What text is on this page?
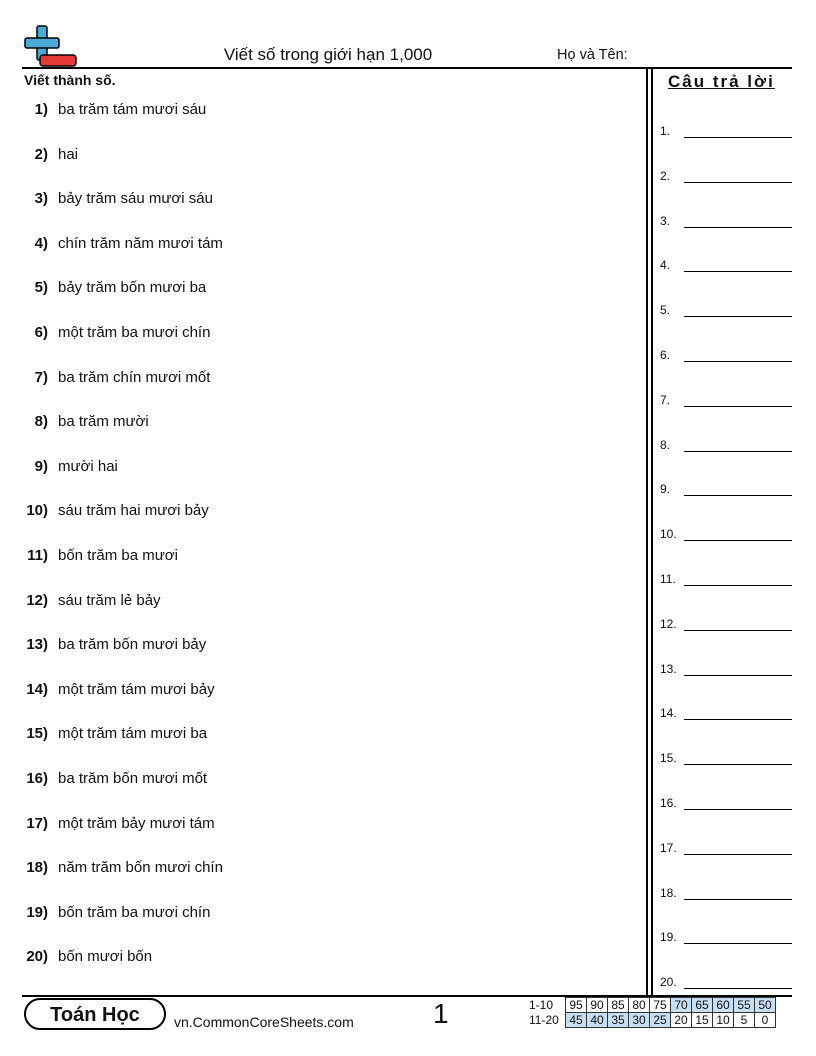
Viết số trong giới hạn 1,000	Họ và Tên:
Viết thành số.
1) ba trăm tám mươi sáu
2) hai
3) bảy trăm sáu mươi sáu
4) chín trăm năm mươi tám
5) bảy trăm bốn mươi ba
6) một trăm ba mươi chín
7) ba trăm chín mươi mốt
8) ba trăm mười
9) mười hai
10) sáu trăm hai mươi bảy
11) bốn trăm ba mươi
12) sáu trăm lẻ bảy
13) ba trăm bốn mươi bảy
14) một trăm tám mươi bảy
15) một trăm tám mươi ba
16) ba trăm bốn mươi mốt
17) một trăm bảy mươi tám
18) năm trăm bốn mươi chín
19) bốn trăm ba mươi chín
20) bốn mươi bốn
Câu trả lời
1.
2.
3.
4.
5.
6.
7.
8.
9.
10.
11.
12.
13.
14.
15.
16.
17.
18.
19.
20.
Toán Học	vn.CommonCoreSheets.com	1	1-10	95	90	85	80	75	70	65	60	55	50
11-20	45	40	35	30	25	20	15	10	5	0
